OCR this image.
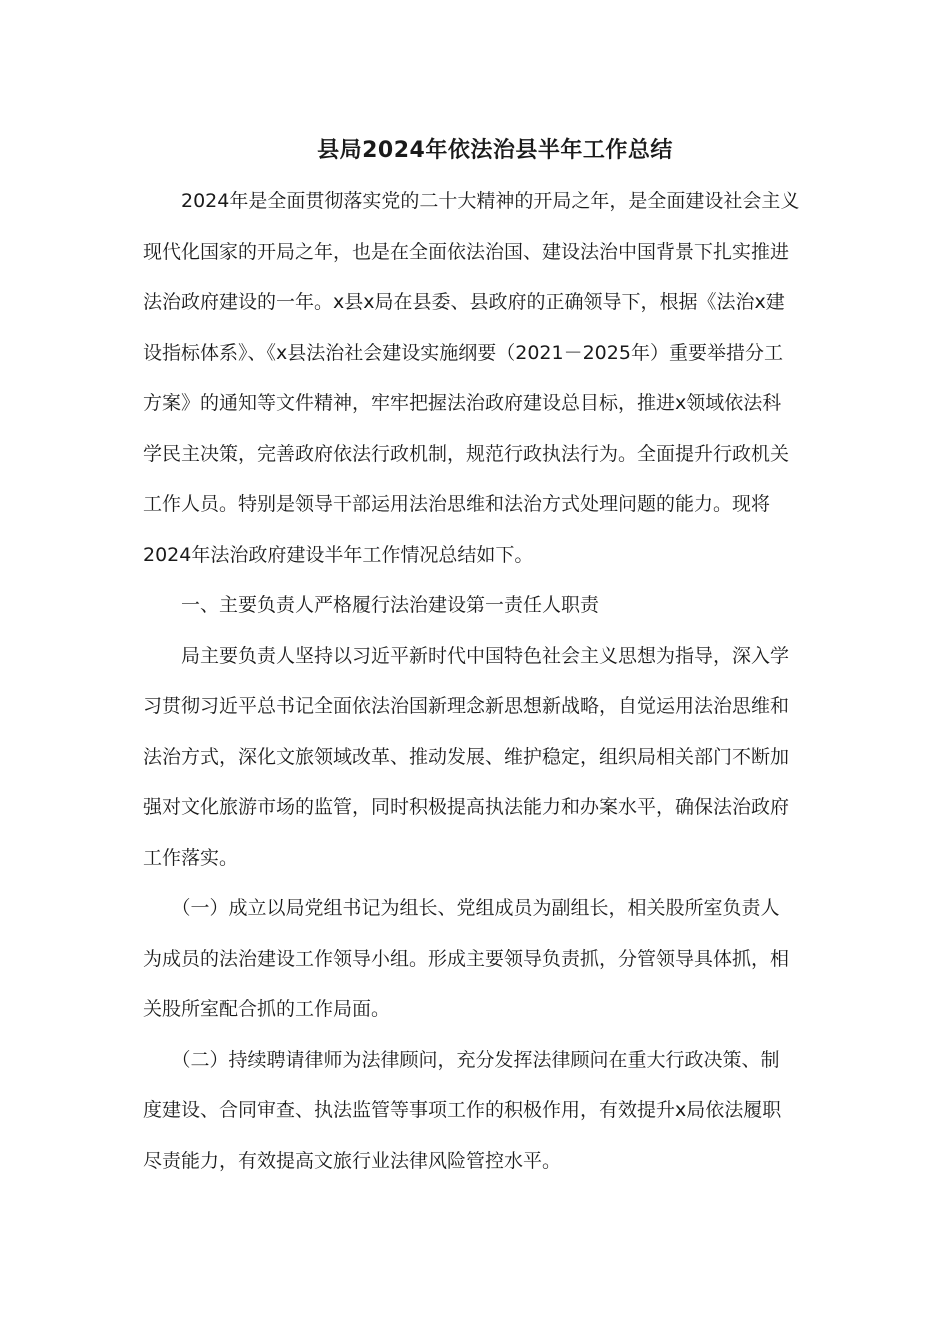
县局2024年依法治县半年工作总结
　　2024年是全面贯彻落实党的二十大精神的开局之年，是全面建设社会主义
现代化国家的开局之年，也是在全面依法治国、建设法治中国背景下扎实推进
法治政府建设的一年。x县x局在县委、县政府的正确领导下，根据《法治x建
设指标体系》、《x县法治社会建设实施纲要（2021－2025年）重要举措分工
方案》的通知等文件精神，牢牢把握法治政府建设总目标，推进x领域依法科
学民主决策，完善政府依法行政机制，规范行政执法行为。全面提升行政机关
工作人员。特别是领导干部运用法治思维和法治方式处理问题的能力。现将
2024年法治政府建设半年工作情况总结如下。
　　一、主要负责人严格履行法治建设第一责任人职责
　　局主要负责人坚持以习近平新时代中国特色社会主义思想为指导，深入学
习贯彻习近平总书记全面依法治国新理念新思想新战略，自觉运用法治思维和
法治方式，深化文旅领域改革、推动发展、维护稳定，组织局相关部门不断加
强对文化旅游市场的监管，同时积极提高执法能力和办案水平，确保法治政府
工作落实。
　　（一）成立以局党组书记为组长、党组成员为副组长，相关股所室负责人
为成员的法治建设工作领导小组。形成主要领导负责抓，分管领导具体抓，相
关股所室配合抓的工作局面。
　　（二）持续聘请律师为法律顾问，充分发挥法律顾问在重大行政决策、制
度建设、合同审查、执法监管等事项工作的积极作用，有效提升x局依法履职
尽责能力，有效提高文旅行业法律风险管控水平。
